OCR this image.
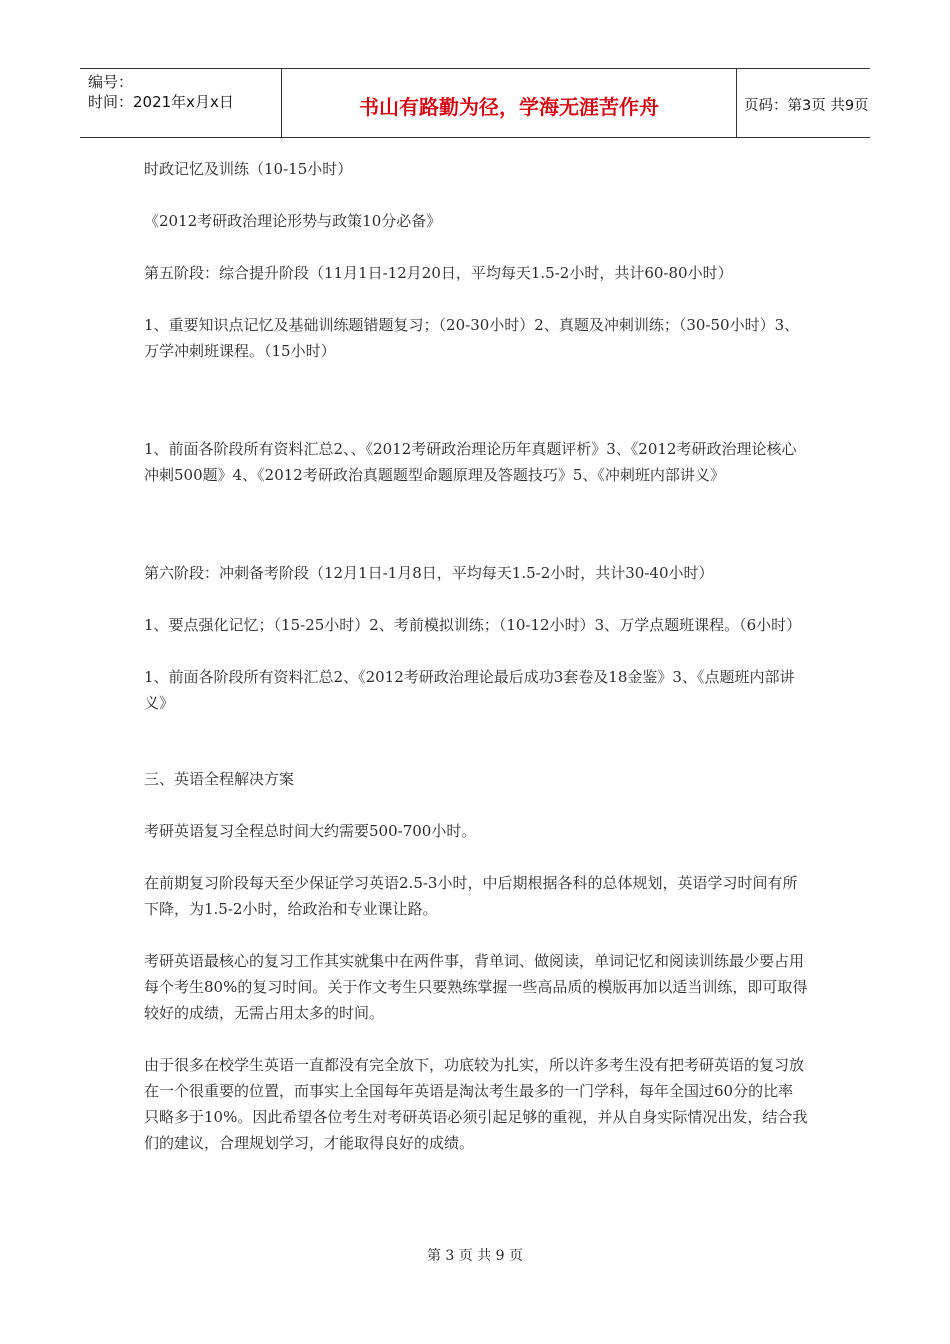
编号：
时间：2021年x月x日	书山有路勤为径，学海无涯苦作舟	页码：第3页 共9页

时政记忆及训练（10-15小时）

《2012考研政治理论形势与政策10分必备》

第五阶段：综合提升阶段（11月1日-12月20日，平均每天1.5-2小时，共计60-80小时）

1、重要知识点记忆及基础训练题错题复习；（20-30小时）2、真题及冲刺训练；（30-50小时）3、万学冲刺班课程。（15小时）

1、前面各阶段所有资料汇总2、、《2012考研政治理论历年真题评析》3、《2012考研政治理论核心冲刺500题》4、《2012考研政治真题题型命题原理及答题技巧》5、《冲刺班内部讲义》

第六阶段：冲刺备考阶段（12月1日-1月8日，平均每天1.5-2小时，共计30-40小时）

1、要点强化记忆；（15-25小时）2、考前模拟训练；（10-12小时）3、万学点题班课程。（6小时）

1、前面各阶段所有资料汇总2、《2012考研政治理论最后成功3套卷及18金鉴》3、《点题班内部讲义》

三、英语全程解决方案

考研英语复习全程总时间大约需要500-700小时。

在前期复习阶段每天至少保证学习英语2.5-3小时，中后期根据各科的总体规划，英语学习时间有所下降，为1.5-2小时，给政治和专业课让路。

考研英语最核心的复习工作其实就集中在两件事，背单词、做阅读，单词记忆和阅读训练最少要占用每个考生80%的复习时间。关于作文考生只要熟练掌握一些高品质的模版再加以适当训练，即可取得较好的成绩，无需占用太多的时间。

由于很多在校学生英语一直都没有完全放下，功底较为扎实，所以许多考生没有把考研英语的复习放在一个很重要的位置，而事实上全国每年英语是淘汰考生最多的一门学科，每年全国过60分的比率只略多于10%。因此希望各位考生对考研英语必须引起足够的重视，并从自身实际情况出发，结合我们的建议，合理规划学习，才能取得良好的成绩。

第 3 页 共 9 页
